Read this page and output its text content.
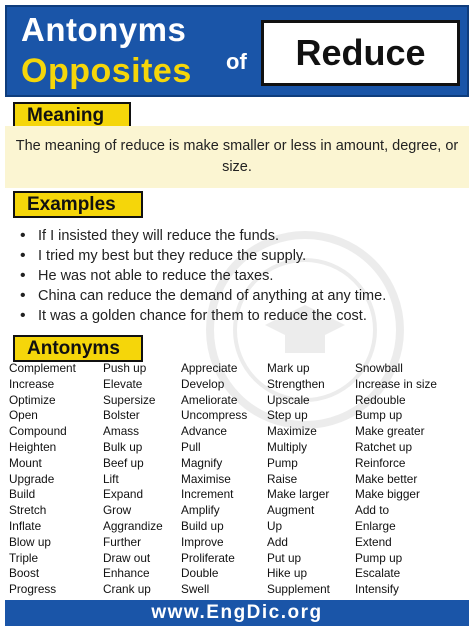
Antonyms
Opposites of Reduce
Meaning
The meaning of reduce is make smaller or less in amount, degree, or size.
Examples
• If I insisted they will reduce the funds.
• I tried my best but they reduce the supply.
• He was not able to reduce the taxes.
• China can reduce the demand of anything at any time.
• It was a golden chance for them to reduce the cost.
Antonyms
Complement
Increase
Optimize
Open
Compound
Heighten
Mount
Upgrade
Build
Stretch
Inflate
Blow up
Triple
Boost
Progress
Push up
Elevate
Supersize
Bolster
Amass
Bulk up
Beef up
Lift
Expand
Grow
Aggrandize
Further
Draw out
Enhance
Crank up
Appreciate
Develop
Ameliorate
Uncompress
Advance
Pull
Magnify
Maximise
Increment
Amplify
Build up
Improve
Proliferate
Double
Swell
Mark up
Strengthen
Upscale
Step up
Maximize
Multiply
Pump
Raise
Make larger
Augment
Up
Add
Put up
Hike up
Supplement
Snowball
Increase in size
Redouble
Bump up
Make greater
Ratchet up
Reinforce
Make better
Make bigger
Add to
Enlarge
Extend
Pump up
Escalate
Intensify
www.EngDic.org
